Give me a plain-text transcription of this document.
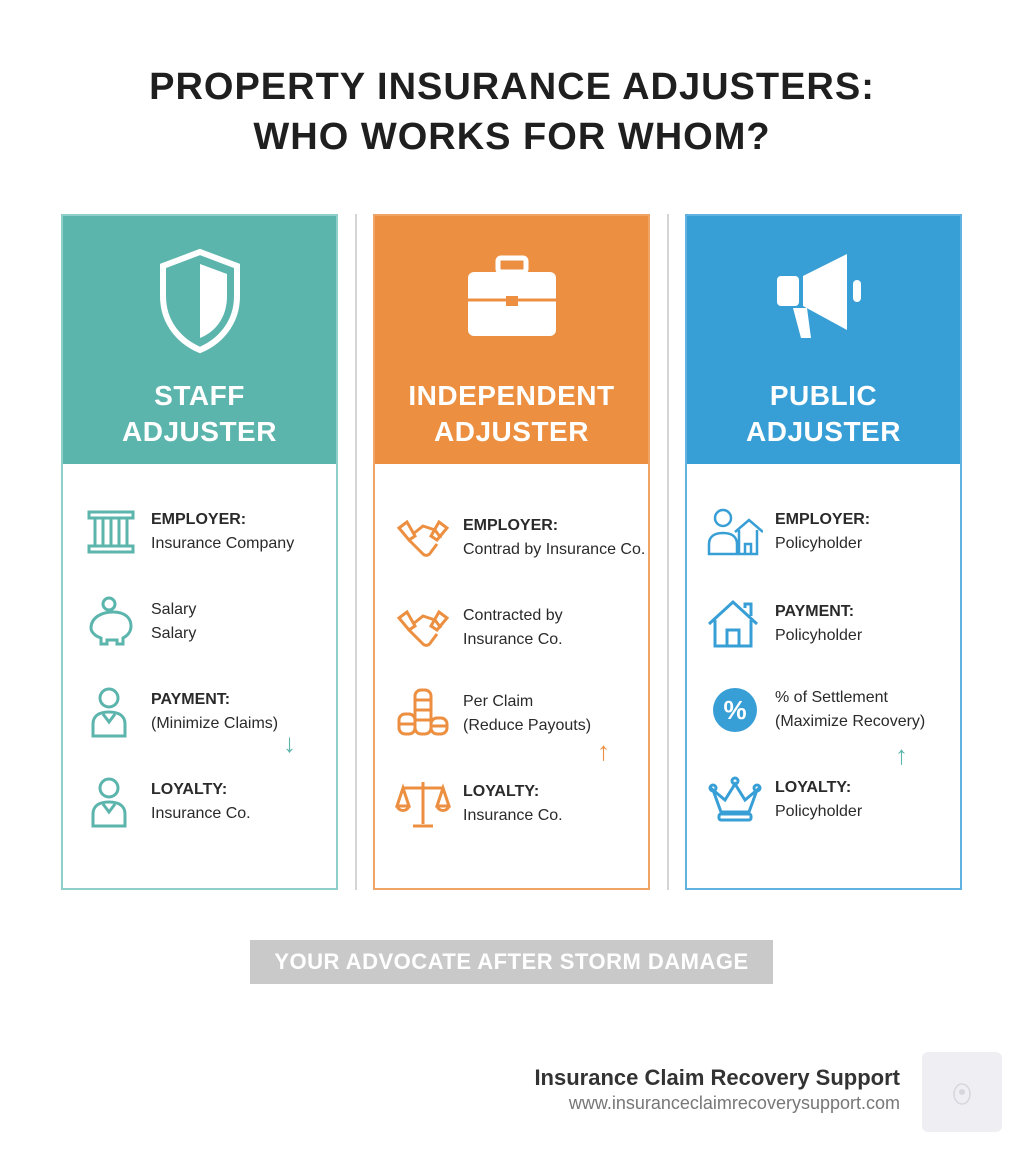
PROPERTY INSURANCE ADJUSTERS:
WHO WORKS FOR WHOM?
STAFF
ADJUSTER
EMPLOYER:
Insurance Company
Salary
Salary
PAYMENT:
(Minimize Claims)
↓
LOYALTY:
Insurance Co.
INDEPENDENT
ADJUSTER
EMPLOYER:
Contrad by Insurance Co.
Contracted by
Insurance Co.
Per Claim
(Reduce Payouts)
↑
LOYALTY:
Insurance Co.
PUBLIC
ADJUSTER
EMPLOYER:
Policyholder
PAYMENT:
Policyholder
% % of Settlement
(Maximize Recovery)
↑
LOYALTY:
Policyholder
YOUR ADVOCATE AFTER STORM DAMAGE
Insurance Claim Recovery Support
www.insuranceclaimrecoverysupport.com
